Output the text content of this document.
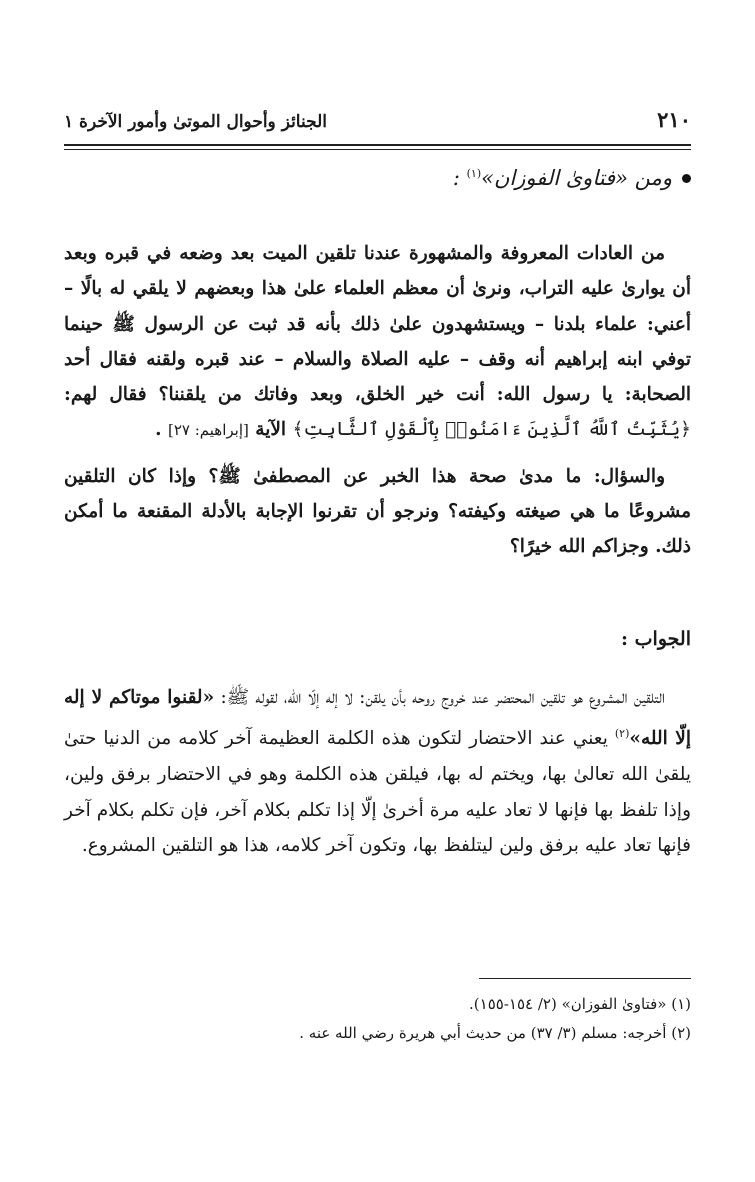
٢١٠
الجنائز وأحوال الموتىٰ وأمور الآخرة ١
ومن «فتاوىٰ الفوزان»$^{(١)}$ :

من العادات المعروفة والمشهورة عندنا تلقين الميت بعد وضعه في قبره وبعد أن يوارىٰ عليه التراب، ونرىٰ أن معظم العلماء علىٰ هذا وبعضهم لا يلقي له بالًا – أعني: علماء بلدنا – ويستشهدون علىٰ ذلك بأنه قد ثبت عن الرسول ﷺ حينما توفي ابنه إبراهيم أنه وقف – عليه الصلاة والسلام – عند قبره ولقنه فقال أحد الصحابة: يا رسول الله: أنت خير الخلق، وبعد وفاتك من يلقننا؟ فقال لهم: ﴿يُثَبِّتُ ٱللَّهُ ٱلَّذِينَ ءَامَنُوا۟ بِٱلْقَوْلِ ٱلثَّابِتِ﴾ الآية [إبراهيم: ٢٧] .

والسؤال: ما مدىٰ صحة هذا الخبر عن المصطفىٰ ﷺ؟ وإذا كان التلقين مشروعًا ما هي صيغته وكيفته؟ ونرجو أن تقرنوا الإجابة بالأدلة المقنعة ما أمكن ذلك. وجزاكم الله خيرًا؟

الجواب :

التلقين المشروع هو تلقين المحتضر عند خروج روحه بأن يلقن: لا إله إلّا الله، لقوله ﷺ: «لقنوا موتاكم لا إله إلّا الله»$^{(٢)}$ يعني عند الاحتضار لتكون هذه الكلمة العظيمة آخر كلامه من الدنيا حتىٰ يلقىٰ الله تعالىٰ بها، ويختم له بها، فيلقن هذه الكلمة وهو في الاحتضار برفق ولين، وإذا تلفظ بها فإنها لا تعاد عليه مرة أخرىٰ إلّا إذا تكلم بكلام آخر، فإن تكلم بكلام آخر فإنها تعاد عليه برفق ولين ليتلفظ بها، وتكون آخر كلامه، هذا هو التلقين المشروع.

(١) «فتاوىٰ الفوزان» (٢/ ١٥٤-١٥٥).
(٢) أخرجه: مسلم (٣/ ٣٧) من حديث أبي هريرة رضي الله عنه .
